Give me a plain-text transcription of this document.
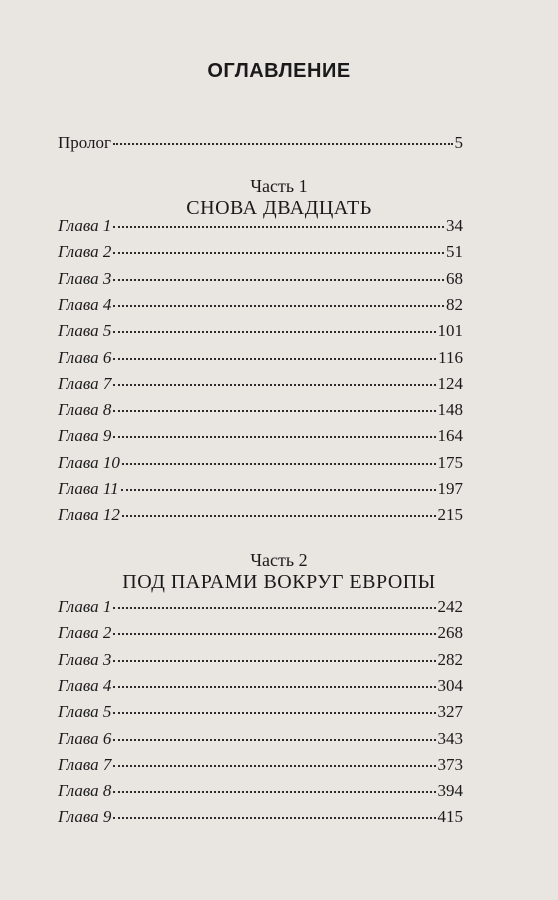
ОГЛАВЛЕНИЕ
Пролог	5
Часть 1
СНОВА ДВАДЦАТЬ
Глава 1	34
Глава 2	51
Глава 3	68
Глава 4	82
Глава 5	101
Глава 6	116
Глава 7	124
Глава 8	148
Глава 9	164
Глава 10	175
Глава 11	197
Глава 12	215
Часть 2
ПОД ПАРАМИ ВОКРУГ ЕВРОПЫ
Глава 1	242
Глава 2	268
Глава 3	282
Глава 4	304
Глава 5	327
Глава 6	343
Глава 7	373
Глава 8	394
Глава 9	415
